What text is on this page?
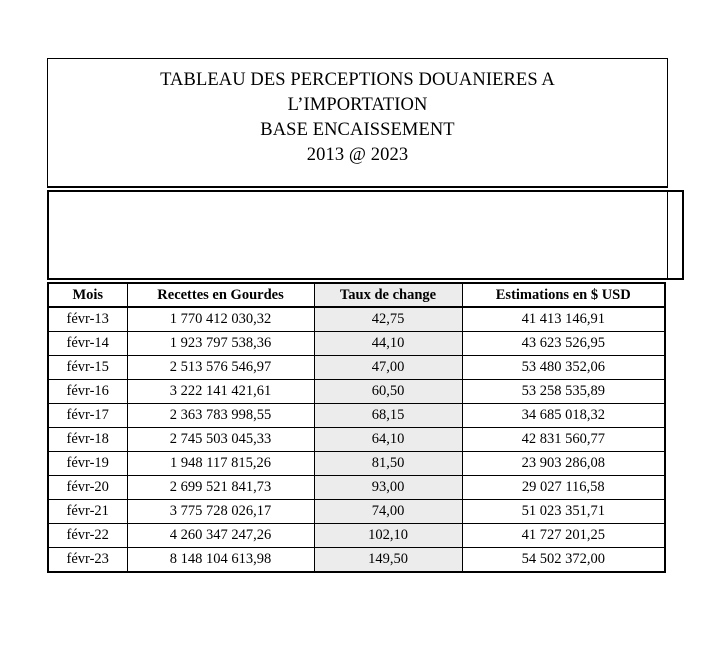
TABLEAU DES PERCEPTIONS DOUANIERES A
L’IMPORTATION
BASE ENCAISSEMENT
2013 @ 2023
Mois	Recettes en Gourdes	Taux de change	Estimations en $ USD
févr-13	1 770 412 030,32	42,75	41 413 146,91
févr-14	1 923 797 538,36	44,10	43 623 526,95
févr-15	2 513 576 546,97	47,00	53 480 352,06
févr-16	3 222 141 421,61	60,50	53 258 535,89
févr-17	2 363 783 998,55	68,15	34 685 018,32
févr-18	2 745 503 045,33	64,10	42 831 560,77
févr-19	1 948 117 815,26	81,50	23 903 286,08
févr-20	2 699 521 841,73	93,00	29 027 116,58
févr-21	3 775 728 026,17	74,00	51 023 351,71
févr-22	4 260 347 247,26	102,10	41 727 201,25
févr-23	8 148 104 613,98	149,50	54 502 372,00
